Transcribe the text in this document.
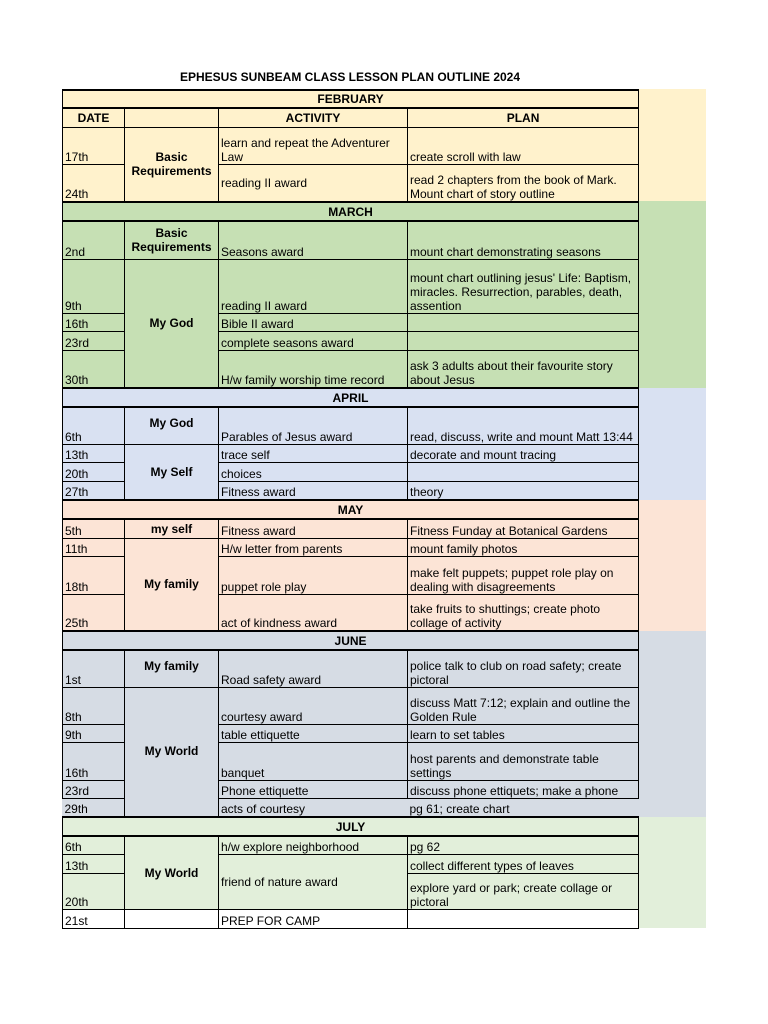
EPHESUS SUNBEAM CLASS LESSON PLAN OUTLINE 2024
FEBRUARY			
DATE		ACTIVITY	PLAN
17th	Basic Requirements	learn and repeat the Adventurer Law	create scroll with law
24th		reading II award	read 2 chapters from the book of Mark. Mount chart of story outline
MARCH			
2nd	Basic Requirements	Seasons award	mount chart demonstrating seasons
9th	My God	reading II award	mount chart outlining jesus' Life: Baptism, miracles. Resurrection, parables, death, assention
16th		Bible II award	
23rd		complete seasons award	
30th		H/w family worship time record	ask 3 adults about their favourite story about Jesus
APRIL			
6th	My God	Parables of Jesus award	read, discuss, write and mount Matt 13:44
13th	My Self	trace self	decorate and mount tracing
20th		choices	
27th		Fitness award	theory
MAY			
5th	my self	Fitness award	Fitness Funday at Botanical Gardens
11th	My family	H/w letter from parents	mount family photos
18th		puppet role play	make felt puppets; puppet role play on dealing with disagreements
25th		act of kindness award	take fruits to shuttings; create photo collage of activity
JUNE			
1st	My family	Road safety award	police talk to club on road safety; create pictoral
8th	My World	courtesy award	discuss Matt 7:12; explain and outline the Golden Rule
9th		table ettiquette	learn to set tables
16th		banquet	host parents and demonstrate table settings
23rd		Phone ettiquette	discuss phone ettiquets; make a phone
29th		acts of courtesy	pg 61; create chart
JULY			
6th	My World	h/w explore neighborhood	pg 62
13th		friend of nature award	collect different types of leaves
20th			explore yard or park; create collage or pictoral
21st		PREP FOR CAMP	
